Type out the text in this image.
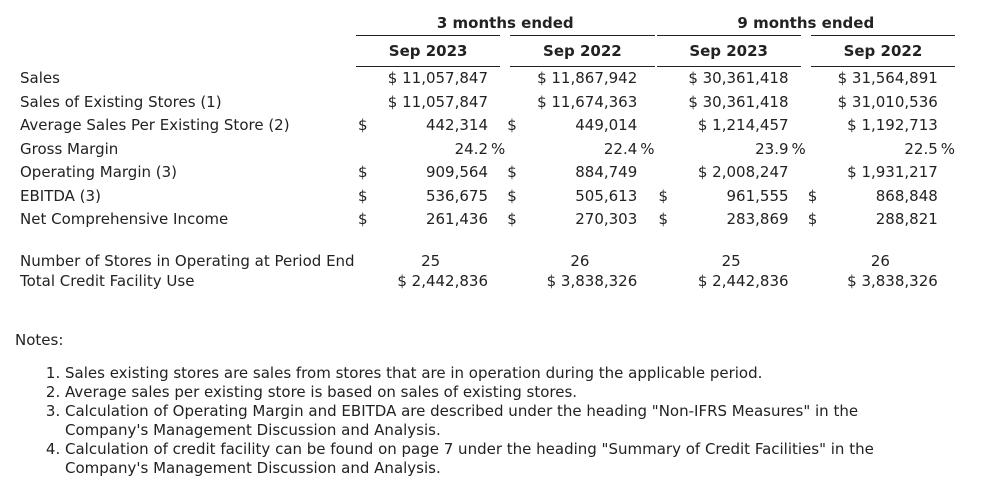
	3 months ended							9 months ended					
	Sep 2023			Sep 2022				Sep 2023			Sep 2022		
Sales		$ 11,057,847			$ 11,867,942				$ 30,361,418			$ 31,564,891	
Sales of Existing Stores (1)		$ 11,057,847			$ 11,674,363				$ 30,361,418			$ 31,010,536	
Average Sales Per Existing Store (2)	$	442,314		$	449,014				$ 1,214,457			$ 1,192,713	
Gross Margin		24.2	%		22.4	%			23.9	%		22.5	%
Operating Margin (3)	$	909,564		$	884,749				$ 2,008,247			$ 1,931,217	
EBITDA (3)	$	536,675		$	505,613			$	961,555		$	868,848	
Net Comprehensive Income	$	261,436		$	270,303			$	283,869		$	288,821	
Number of Stores in Operating at Period End	25			26				25			26		
Total Credit Facility Use		$ 2,442,836			$ 3,838,326				$ 2,442,836			$ 3,838,326	

Notes:

1. Sales existing stores are sales from stores that are in operation during the applicable period.
2. Average sales per existing store is based on sales of existing stores.
3. Calculation of Operating Margin and EBITDA are described under the heading "Non-IFRS Measures" in the Company's Management Discussion and Analysis.
4. Calculation of credit facility can be found on page 7 under the heading "Summary of Credit Facilities" in the Company's Management Discussion and Analysis.
